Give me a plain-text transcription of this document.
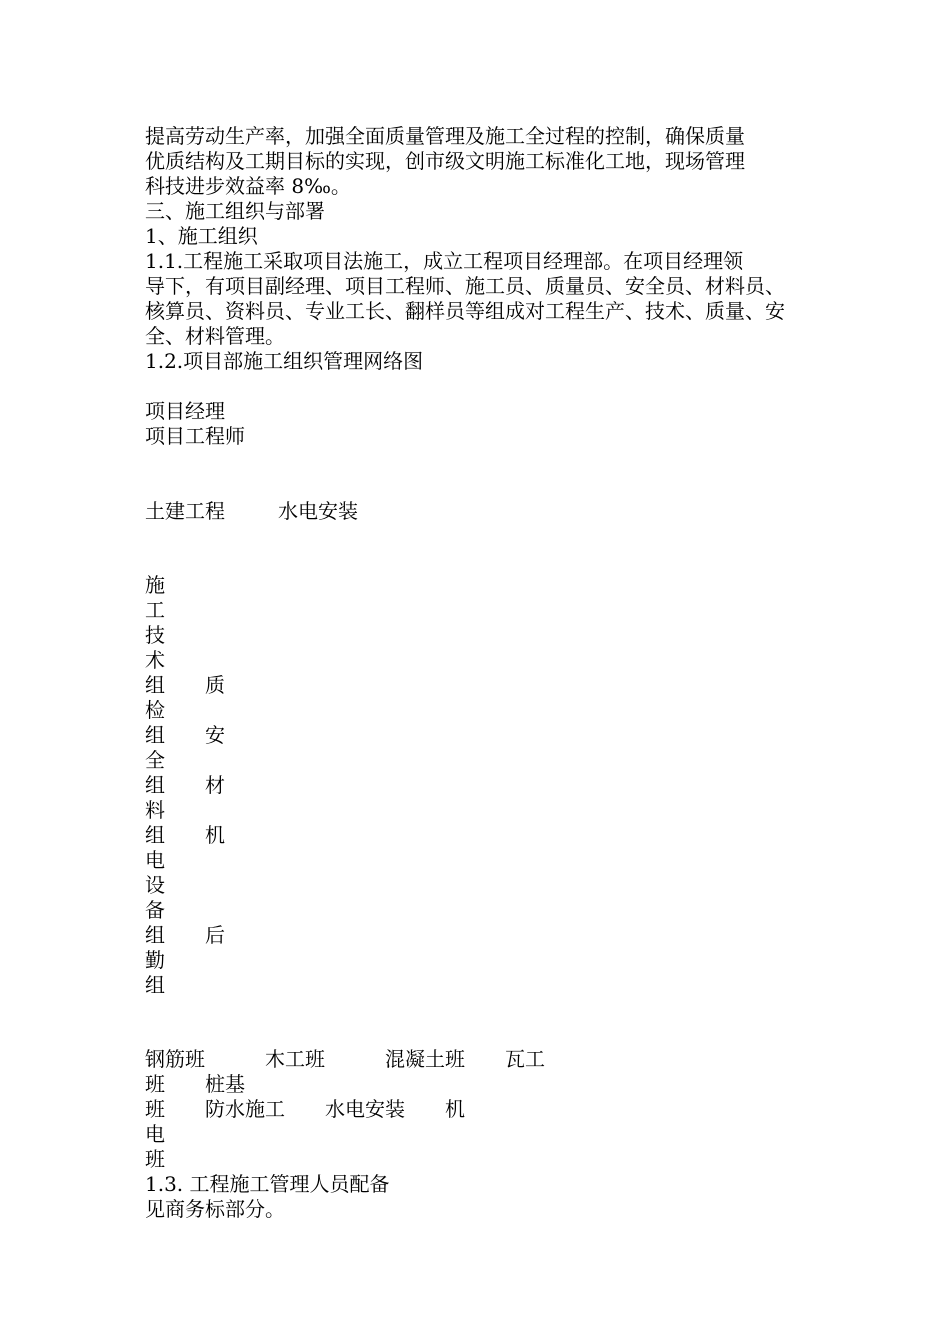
提高劳动生产率，加强全面质量管理及施工全过程的控制，确保质量
优质结构及工期目标的实现，创市级文明施工标准化工地，现场管理
科技进步效益率 8‰。
三、施工组织与部署
1、施工组织
1.1.工程施工采取项目法施工，成立工程项目经理部。在项目经理领
导下，有项目副经理、项目工程师、施工员、质量员、安全员、材料员、
核算员、资料员、专业工长、翻样员等组成对工程生产、技术、质量、安
全、材料管理。
1.2.项目部施工组织管理网络图
项目经理
项目工程师
土建工程	水电安装
施
工
技
术
组　　质
检
组　　安
全
组　　材
料
组　　机
电
设
备
组　　后
勤
组
钢筋班　　　木工班　　　混凝土班　　瓦工
班　　桩基
班　　防水施工　　水电安装　　机
电
班
1.3. 工程施工管理人员配备
见商务标部分。
